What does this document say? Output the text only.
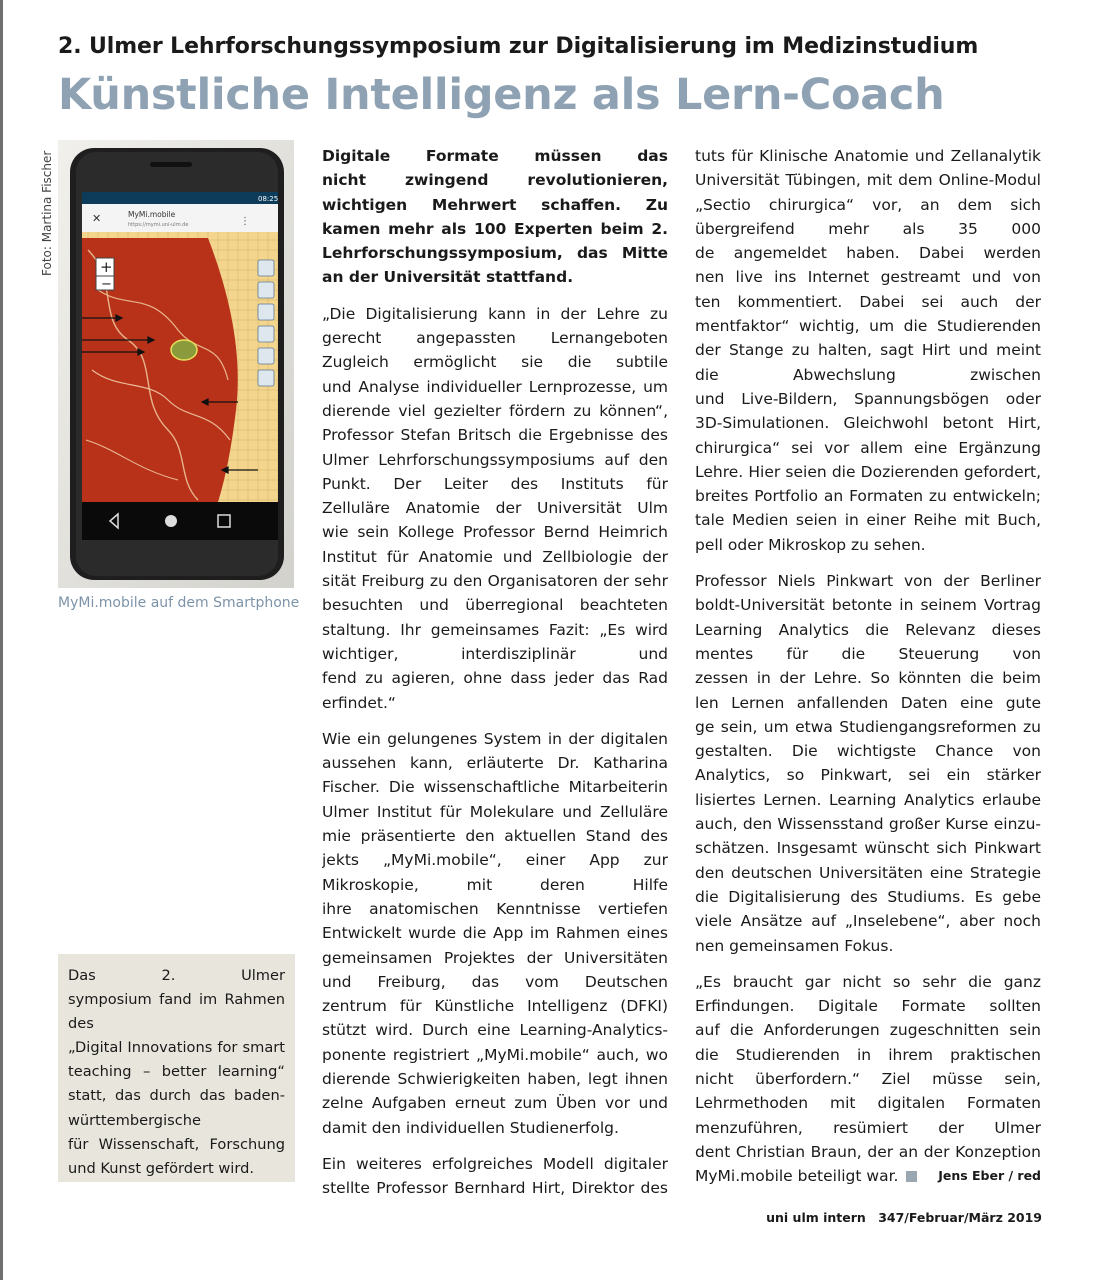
2. Ulmer Lehrforschungssymposium zur Digitalisierung im Medizinstudium
Künstliche Intelligenz als Lern-Coach
Foto: Martina Fischer	08:25
✕	MyMi.mobile
https://mymi.uni-ulm.de	⋮
+
−
MyMi.mobile auf dem Smartphone
Das 2. Ulmer
symposium fand im Rahmen
des
„Digital Innovations for smart
teaching – better learning“
statt, das durch das baden-
württembergische
für Wissenschaft, Forschung
und Kunst gefördert wird.
Digitale Formate müssen das
nicht zwingend revolutionieren,
wichtigen Mehrwert schaffen. Zu
kamen mehr als 100 Experten beim 2.
Lehrforschungssymposium, das Mitte
an der Universität stattfand.
„Die Digitalisierung kann in der Lehre zu
gerecht angepassten Lernangeboten
Zugleich ermöglicht sie die subtile
und Analyse individueller Lernprozesse, um
dierende viel gezielter fördern zu können“,
Professor Stefan Britsch die Ergebnisse des
Ulmer Lehrforschungssymposiums auf den
Punkt. Der Leiter des Instituts für
Zelluläre Anatomie der Universität Ulm
wie sein Kollege Professor Bernd Heimrich
Institut für Anatomie und Zellbiologie der
sität Freiburg zu den Organisatoren der sehr
besuchten und überregional beachteten
staltung. Ihr gemeinsames Fazit: „Es wird
wichtiger, interdisziplinär und
fend zu agieren, ohne dass jeder das Rad
erfindet.“
Wie ein gelungenes System in der digitalen
aussehen kann, erläuterte Dr. Katharina
Fischer. Die wissenschaftliche Mitarbeiterin
Ulmer Institut für Molekulare und Zelluläre
mie präsentierte den aktuellen Stand des
jekts „MyMi.mobile“, einer App zur
Mikroskopie, mit deren Hilfe
ihre anatomischen Kenntnisse vertiefen
Entwickelt wurde die App im Rahmen eines
gemeinsamen Projektes der Universitäten
und Freiburg, das vom Deutschen
zentrum für Künstliche Intelligenz (DFKI)
stützt wird. Durch eine Learning-Analytics-
ponente registriert „MyMi.mobile“ auch, wo
dierende Schwierigkeiten haben, legt ihnen
zelne Aufgaben erneut zum Üben vor und
damit den individuellen Studienerfolg.
Ein weiteres erfolgreiches Modell digitaler
stellte Professor Bernhard Hirt, Direktor des
tuts für Klinische Anatomie und Zellanalytik
Universität Tübingen, mit dem Online-Modul
„Sectio chirurgica“ vor, an dem sich
übergreifend mehr als 35 000
de angemeldet haben. Dabei werden
nen live ins Internet gestreamt und von
ten kommentiert. Dabei sei auch der
mentfaktor“ wichtig, um die Studierenden
der Stange zu halten, sagt Hirt und meint
die Abwechslung zwischen
und Live-Bildern, Spannungsbögen oder
3D-Simulationen. Gleichwohl betont Hirt,
chirurgica“ sei vor allem eine Ergänzung
Lehre. Hier seien die Dozierenden gefordert,
breites Portfolio an Formaten zu entwickeln;
tale Medien seien in einer Reihe mit Buch,
pell oder Mikroskop zu sehen.
Professor Niels Pinkwart von der Berliner
boldt-Universität betonte in seinem Vortrag
Learning Analytics die Relevanz dieses
mentes für die Steuerung von
zessen in der Lehre. So könnten die beim
len Lernen anfallenden Daten eine gute
ge sein, um etwa Studiengangsreformen zu
gestalten. Die wichtigste Chance von
Analytics, so Pinkwart, sei ein stärker
lisiertes Lernen. Learning Analytics erlaube
auch, den Wissensstand großer Kurse einzu-
schätzen. Insgesamt wünscht sich Pinkwart
den deutschen Universitäten eine Strategie
die Digitalisierung des Studiums. Es gebe
viele Ansätze auf „Inselebene“, aber noch
nen gemeinsamen Fokus.
„Es braucht gar nicht so sehr die ganz
Erfindungen. Digitale Formate sollten
auf die Anforderungen zugeschnitten sein
die Studierenden in ihrem praktischen
nicht überfordern.“ Ziel müsse sein,
Lehrmethoden mit digitalen Formaten
menzuführen, resümiert der Ulmer
dent Christian Braun, der an der Konzeption
MyMi.mobile beteiligt war.	Jens Eber / red
uni ulm intern 347/Februar/März 2019
